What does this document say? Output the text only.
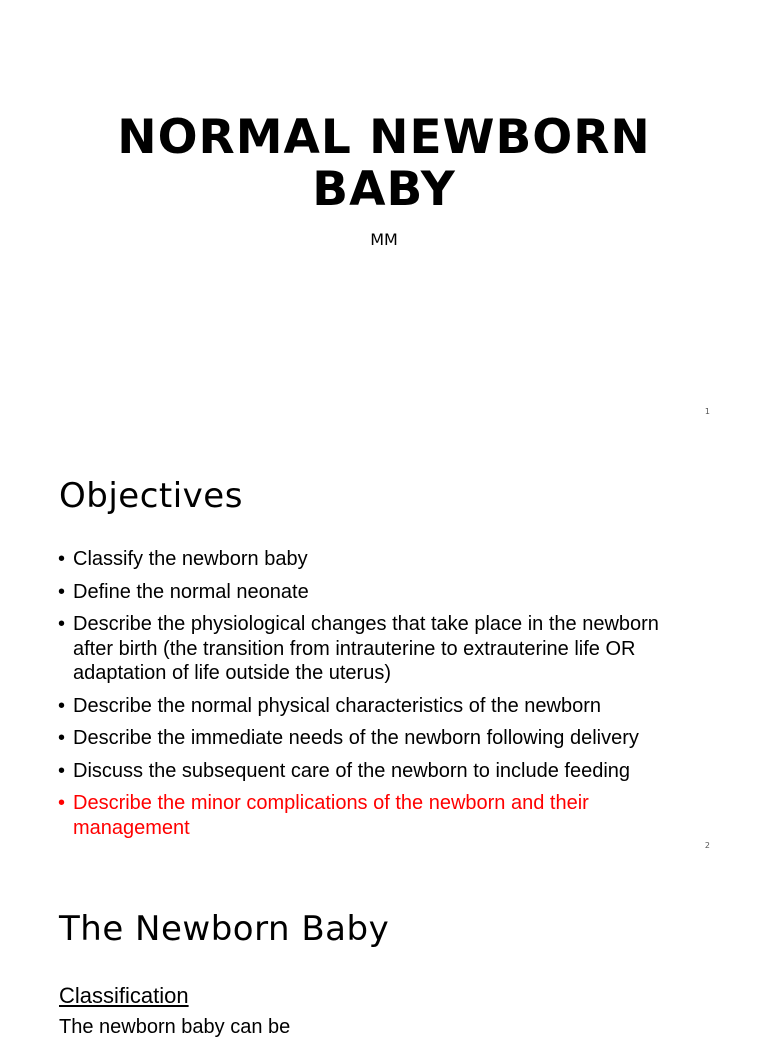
NORMAL NEWBORN
BABY
MM
1
Objectives
• Classify the newborn baby
• Define the normal neonate
• Describe the physiological changes that take place in the newborn after birth (the transition from intrauterine to extrauterine life OR adaptation of life outside the uterus)
• Describe the normal physical characteristics of the newborn
• Describe the immediate needs of the newborn following delivery
• Discuss the subsequent care of the newborn to include feeding
• Describe the minor complications of the newborn and their management
2
The Newborn Baby
Classification
The newborn baby can be
